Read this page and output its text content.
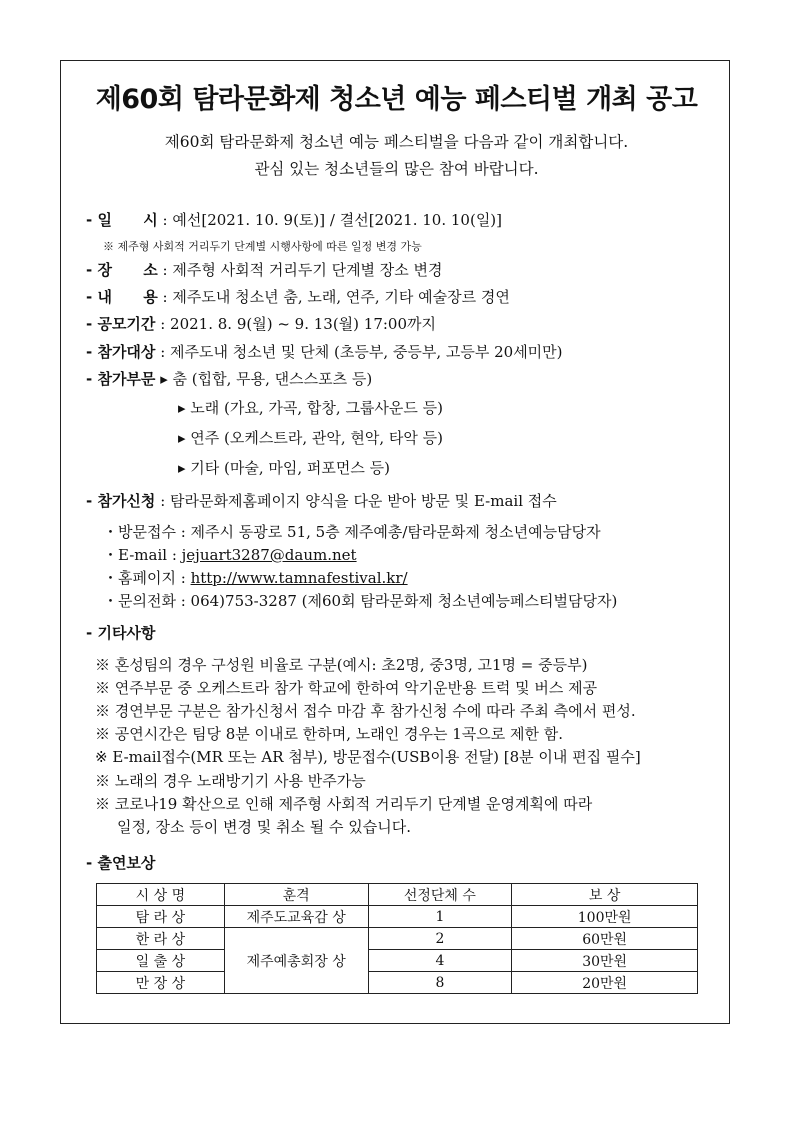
제60회 탐라문화제 청소년 예능 페스티벌 개최 공고
제60회 탐라문화제 청소년 예능 페스티벌을 다음과 같이 개최합니다.
관심 있는 청소년들의 많은 참여 바랍니다.
- 일      시 : 예선[2021. 10. 9(토)] / 결선[2021. 10. 10(일)]
※ 제주형 사회적 거리두기 단계별 시행사항에 따른 일정 변경 가능
- 장      소 : 제주형 사회적 거리두기 단계별 장소 변경
- 내      용 : 제주도내 청소년 춤, 노래, 연주, 기타 예술장르 경연
- 공모기간 : 2021. 8. 9(월) ~ 9. 13(월) 17:00까지
- 참가대상 : 제주도내 청소년 및 단체 (초등부, 중등부, 고등부 20세미만)
- 참가부문 ▸ 춤 (힙합, 무용, 댄스스포츠 등)
▸ 노래 (가요, 가곡, 합창, 그룹사운드 등)
▸ 연주 (오케스트라, 관악, 현악, 타악 등)
▸ 기타 (마술, 마임, 퍼포먼스 등)
- 참가신청 : 탐라문화제홈페이지 양식을 다운 받아 방문 및 E-mail 접수
・방문접수 : 제주시 동광로 51, 5층 제주예총/탐라문화제 청소년예능담당자
・E-mail : jejuart3287@daum.net
・홈페이지 : http://www.tamnafestival.kr/
・문의전화 : 064)753-3287 (제60회 탐라문화제 청소년예능페스티벌담당자)
- 기타사항
※ 혼성팀의 경우 구성원 비율로 구분(예시: 초2명, 중3명, 고1명 = 중등부)
※ 연주부문 중 오케스트라 참가 학교에 한하여 악기운반용 트럭 및 버스 제공
※ 경연부문 구분은 참가신청서 접수 마감 후 참가신청 수에 따라 주최 측에서 편성.
※ 공연시간은 팀당 8분 이내로 한하며, 노래인 경우는 1곡으로 제한 함.
※ E-mail접수(MR 또는 AR 첨부), 방문접수(USB이용 전달) [8분 이내 편집 필수]
※ 노래의 경우 노래방기기 사용 반주가능
※ 코로나19 확산으로 인해 제주형 사회적 거리두기 단계별 운영계획에 따라
일정, 장소 등이 변경 및 취소 될 수 있습니다.
- 출연보상
시 상 명	훈격	선정단체 수	보 상
탐 라 상	제주도교육감 상	1	100만원
한 라 상	제주예총회장 상	2	60만원
일 출 상		4	30만원
만 장 상		8	20만원
